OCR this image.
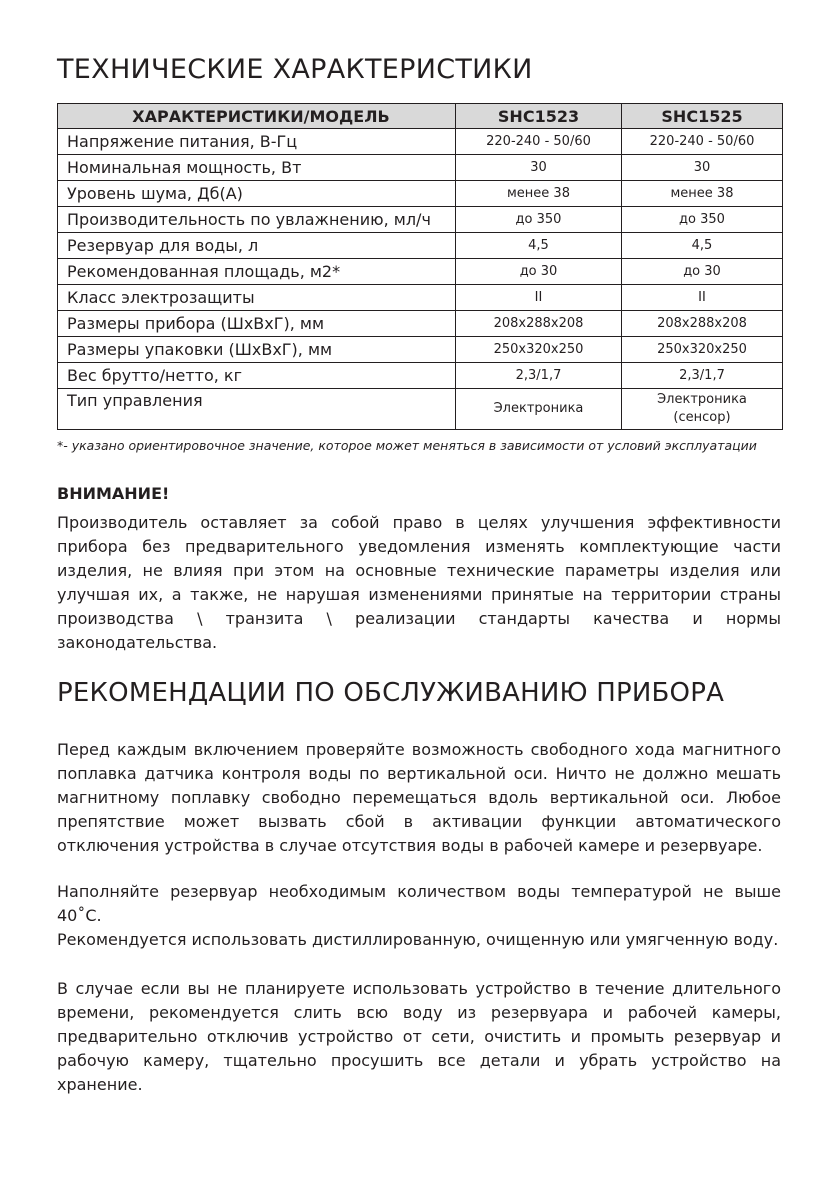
ТЕХНИЧЕСКИЕ ХАРАКТЕРИСТИКИ
ХАРАКТЕРИСТИКИ/МОДЕЛЬ	SHC1523	SHC1525
Напряжение питания, В-Гц	220-240 - 50/60	220-240 - 50/60
Номинальная мощность, Вт	30	30
Уровень шума, Дб(А)	менее 38	менее 38
Производительность по увлажнению, мл/ч	до 350	до 350
Резервуар для воды, л	4,5	4,5
Рекомендованная площадь, м2*	до 30	до 30
Класс электрозащиты	II	II
Размеры прибора (ШхВхГ), мм	208x288x208	208x288x208
Размеры упаковки (ШхВхГ), мм	250x320x250	250x320x250
Вес брутто/нетто, кг	2,3/1,7	2,3/1,7
Тип управления	Электроника	Электроника
(сенсор)
*- указано ориентировочное значение, которое может меняться в зависимости от условий эксплуатации
ВНИМАНИЕ!

Производитель оставляет за собой право в целях улучшения эффективности прибора без предварительного уведомления изменять комплектующие части изделия, не влияя при этом на основные технические параметры изделия или улучшая их, а также, не нарушая изменениями принятые на территории страны производства \ транзита \ реализации стандарты качества и нормы законодательства.

РЕКОМЕНДАЦИИ ПО ОБСЛУЖИВАНИЮ ПРИБОРА

Перед каждым включением проверяйте возможность свободного хода магнитного поплавка датчика контроля воды по вертикальной оси. Ничто не должно мешать магнитному поплавку свободно перемещаться вдоль вертикальной оси. Любое препятствие может вызвать сбой в активации функции автоматического отключения устройства в случае отсутствия воды в рабочей камере и резервуаре.

Наполняйте резервуар необходимым количеством воды температурой не выше 40˚С.

Рекомендуется использовать дистиллированную, очищенную или умягченную воду.

В случае если вы не планируете использовать устройство в течение длительного времени, рекомендуется слить всю воду из резервуара и рабочей камеры, предварительно отключив устройство от сети, очистить и промыть резервуар и рабочую камеру, тщательно просушить все детали и убрать устройство на хранение.
